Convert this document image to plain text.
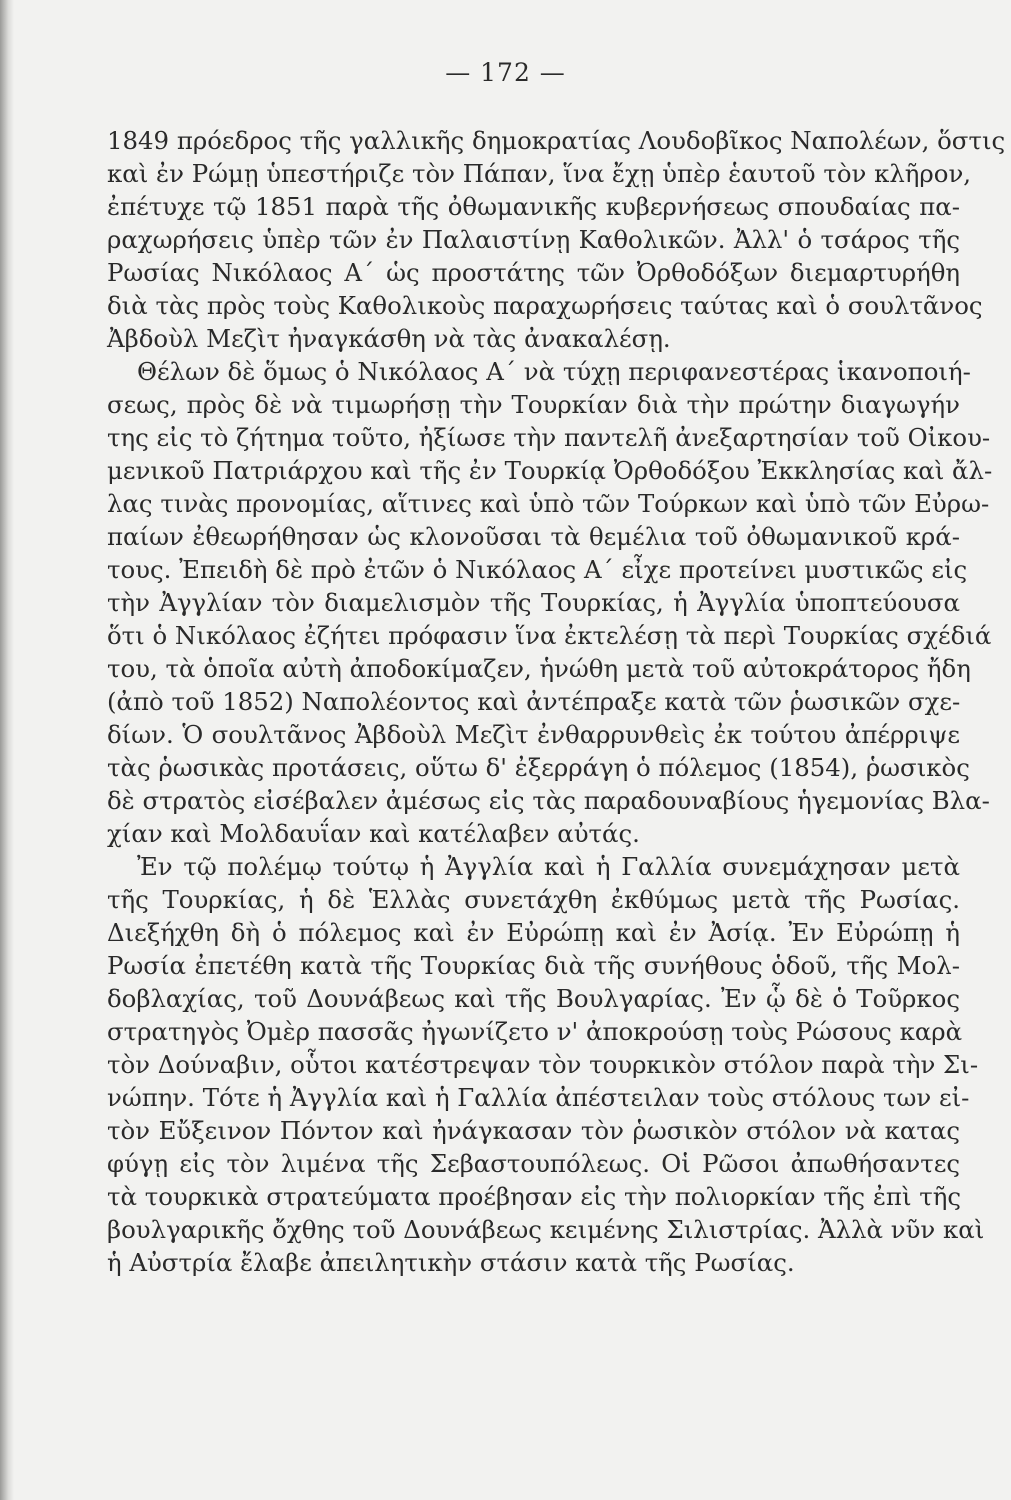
— 172 —
1849 πρόεδρος τῆς γαλλικῆς δημοκρατίας Λουδοβῖκος Ναπολέων, ὅστις
καὶ ἐν Ρώμῃ ὑπεστήριζε τὸν Πάπαν, ἵνα ἔχῃ ὑπὲρ ἑαυτοῦ τὸν κλῆρον,
ἐπέτυχε τῷ 1851 παρὰ τῆς ὀθωμανικῆς κυβερνήσεως σπουδαίας πα-
ραχωρήσεις ὑπὲρ τῶν ἐν Παλαιστίνῃ Καθολικῶν. Ἀλλ' ὁ τσάρος τῆς
Ρωσίας Νικόλαος Α΄ ὡς προστάτης τῶν Ὀρθοδόξων διεμαρτυρήθη
διὰ τὰς πρὸς τοὺς Καθολικοὺς παραχωρήσεις ταύτας καὶ ὁ σουλτᾶνος
Ἀβδοὺλ Μεζὶτ ἠναγκάσθη νὰ τὰς ἀνακαλέσῃ.
Θέλων δὲ ὅμως ὁ Νικόλαος Α΄ νὰ τύχῃ περιφανεστέρας ἱκανοποιή-
σεως, πρὸς δὲ νὰ τιμωρήσῃ τὴν Τουρκίαν διὰ τὴν πρώτην διαγωγήν
της εἰς τὸ ζήτημα τοῦτο, ἠξίωσε τὴν παντελῆ ἀνεξαρτησίαν τοῦ Οἰκου-
μενικοῦ Πατριάρχου καὶ τῆς ἐν Τουρκίᾳ Ὀρθοδόξου Ἐκκλησίας καὶ ἄλ-
λας τινὰς προνομίας, αἵτινες καὶ ὑπὸ τῶν Τούρκων καὶ ὑπὸ τῶν Εὐρω-
παίων ἐθεωρήθησαν ὡς κλονοῦσαι τὰ θεμέλια τοῦ ὀθωμανικοῦ κρά-
τους. Ἐπειδὴ δὲ πρὸ ἐτῶν ὁ Νικόλαος Α΄ εἶχε προτείνει μυστικῶς εἰς
τὴν Ἀγγλίαν τὸν διαμελισμὸν τῆς Τουρκίας, ἡ Ἀγγλία ὑποπτεύουσα
ὅτι ὁ Νικόλαος ἐζήτει πρόφασιν ἵνα ἐκτελέσῃ τὰ περὶ Τουρκίας σχέδιά
του, τὰ ὁποῖα αὐτὴ ἀποδοκίμαζεν, ἡνώθη μετὰ τοῦ αὐτοκράτορος ἤδη
(ἀπὸ τοῦ 1852) Ναπολέοντος καὶ ἀντέπραξε κατὰ τῶν ῥωσικῶν σχε-
δίων. Ὁ σουλτᾶνος Ἀβδοὺλ Μεζὶτ ἐνθαρρυνθεὶς ἐκ τούτου ἀπέρριψε
τὰς ῥωσικὰς προτάσεις, οὕτω δ' ἐξερράγη ὁ πόλεμος (1854), ῥωσικὸς
δὲ στρατὸς εἰσέβαλεν ἀμέσως εἰς τὰς παραδουναβίους ἡγεμονίας Βλα-
χίαν καὶ Μολδαυΐαν καὶ κατέλαβεν αὐτάς.
Ἐν τῷ πολέμῳ τούτῳ ἡ Ἀγγλία καὶ ἡ Γαλλία συνεμάχησαν μετὰ
τῆς Τουρκίας, ἡ δὲ Ἑλλὰς συνετάχθη ἐκθύμως μετὰ τῆς Ρωσίας.
Διεξήχθη δὴ ὁ πόλεμος καὶ ἐν Εὐρώπῃ καὶ ἐν Ἀσίᾳ. Ἐν Εὐρώπῃ ἡ
Ρωσία ἐπετέθη κατὰ τῆς Τουρκίας διὰ τῆς συνήθους ὁδοῦ, τῆς Μολ-
δοβλαχίας, τοῦ Δουνάβεως καὶ τῆς Βουλγαρίας. Ἐν ᾧ δὲ ὁ Τοῦρκος
στρατηγὸς Ὀμὲρ πασσᾶς ἠγωνίζετο ν' ἀποκρούσῃ τοὺς Ρώσους καρὰ
τὸν Δούναβιν, οὗτοι κατέστρεψαν τὸν τουρκικὸν στόλον παρὰ τὴν Σι-
νώπην. Τότε ἡ Ἀγγλία καὶ ἡ Γαλλία ἀπέστειλαν τοὺς στόλους των εἰ-
τὸν Εὔξεινον Πόντον καὶ ἠνάγκασαν τὸν ῥωσικὸν στόλον νὰ κατας
φύγῃ εἰς τὸν λιμένα τῆς Σεβαστουπόλεως. Οἱ Ρῶσοι ἀπωθήσαντες
τὰ τουρκικὰ στρατεύματα προέβησαν εἰς τὴν πολιορκίαν τῆς ἐπὶ τῆς
βουλγαρικῆς ὄχθης τοῦ Δουνάβεως κειμένης Σιλιστρίας. Ἀλλὰ νῦν καὶ
ἡ Αὐστρία ἔλαβε ἀπειλητικὴν στάσιν κατὰ τῆς Ρωσίας.
